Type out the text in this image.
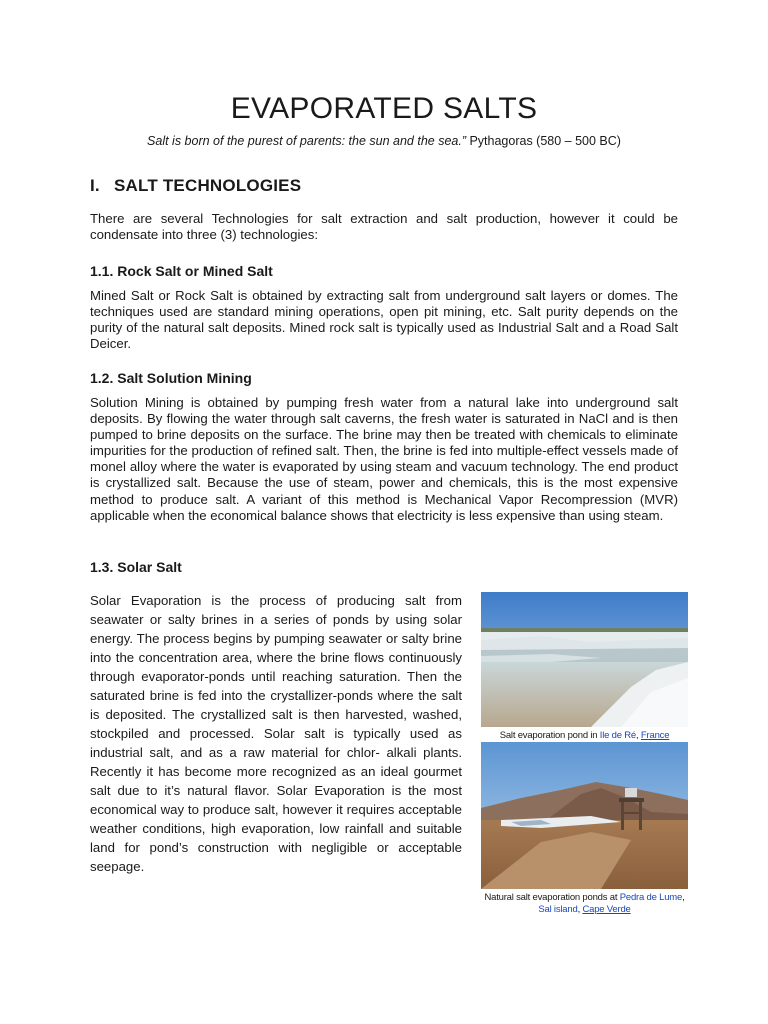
EVAPORATED SALTS

Salt is born of the purest of parents: the sun and the sea.” Pythagoras (580 – 500 BC)

I. SALT TECHNOLOGIES

There are several Technologies for salt extraction and salt production, however it could be condensate into three (3) technologies:

1.1. Rock Salt or Mined Salt

Mined Salt or Rock Salt is obtained by extracting salt from underground salt layers or domes. The techniques used are standard mining operations, open pit mining, etc. Salt purity depends on the purity of the natural salt deposits. Mined rock salt is typically used as Industrial Salt and a Road Salt Deicer.

1.2. Salt Solution Mining

Solution Mining is obtained by pumping fresh water from a natural lake into underground salt deposits. By flowing the water through salt caverns, the fresh water is saturated in NaCl and is then pumped to brine deposits on the surface. The brine may then be treated with chemicals to eliminate impurities for the production of refined salt. Then, the brine is fed into multiple-effect vessels made of monel alloy where the water is evaporated by using steam and vacuum technology. The end product is crystallized salt. Because the use of steam, power and chemicals, this is the most expensive method to produce salt. A variant of this method is Mechanical Vapor Recompression (MVR) applicable when the economical balance shows that electricity is less expensive than using steam.

1.3. Solar Salt

Solar Evaporation is the process of producing salt from seawater or salty brines in a series of ponds by using solar energy. The process begins by pumping seawater or salty brine into the concentration area, where the brine flows continuously through evaporator-ponds until reaching saturation. Then the saturated brine is fed into the crystallizer-ponds where the salt is deposited. The crystallized salt is then harvested, washed, stockpiled and processed. Solar salt is typically used as industrial salt, and as a raw material for chlor- alkali plants. Recently it has become more recognized as an ideal gourmet salt due to it’s natural flavor. Solar Evaporation is the most economical way to produce salt, however it requires acceptable weather conditions, high evaporation, low rainfall and suitable land for pond’s construction with negligible or acceptable seepage.

Salt evaporation pond in Ile de Ré, France
Natural salt evaporation ponds at Pedra de Lume, Sal island, Cape Verde
